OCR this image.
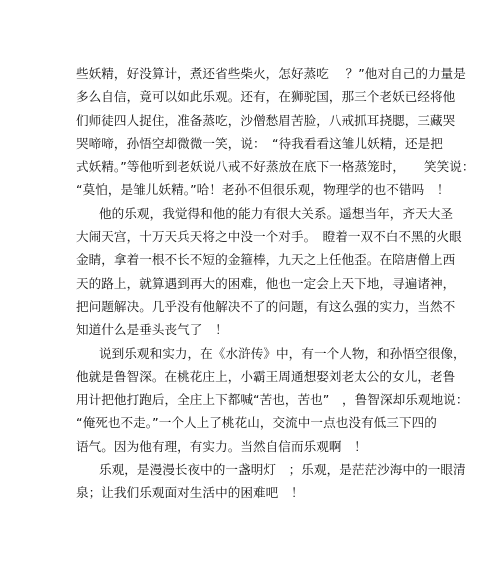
些妖精，好没算计，煮还省些柴火，怎好蒸吃 　？”他对自己的力量是
多么自信，竟可以如此乐观。还有，在狮驼国，那三个老妖已经将他
们师徒四人捉住，准备蒸吃，沙僧愁眉苦脸，八戒抓耳挠腮，三藏哭
哭啼啼，孙悟空却微微一笑，说：　“待我看看这雏儿妖精，还是把
式妖精。”等他听到老妖说八戒不好蒸放在底下一格蒸笼时，　　笑笑说：
“莫怕，是雏儿妖精。”哈！老孙不但很乐观，物理学的也不错吗　！
他的乐观，我觉得和他的能力有很大关系。遥想当年，齐天大圣
大闹天宫，十万天兵天将之中没一个对手。　瞪着一双不白不黑的火眼
金睛，拿着一根不长不短的金箍棒，九天之上任他歪。在陪唐僧上西
天的路上，就算遇到再大的困难，他也一定会上天下地，寻遍诸神，
把问题解决。几乎没有他解决不了的问题，有这么强的实力，当然不
知道什么是垂头丧气了　！
说到乐观和实力，在《水浒传》中，有一个人物，和孙悟空很像，
他就是鲁智深。在桃花庄上，小霸王周通想娶刘老太公的女儿，老鲁
用计把他打跑后，全庄上下都喊“苦也，苦也”　，鲁智深却乐观地说：
“俺死也不走。”一个人上了桃花山，交流中一点也没有低三下四的
语气。因为他有理，有实力。当然自信而乐观啊　！
乐观，是漫漫长夜中的一盏明灯　；乐观，是茫茫沙海中的一眼清
泉；让我们乐观面对生活中的困难吧　！
